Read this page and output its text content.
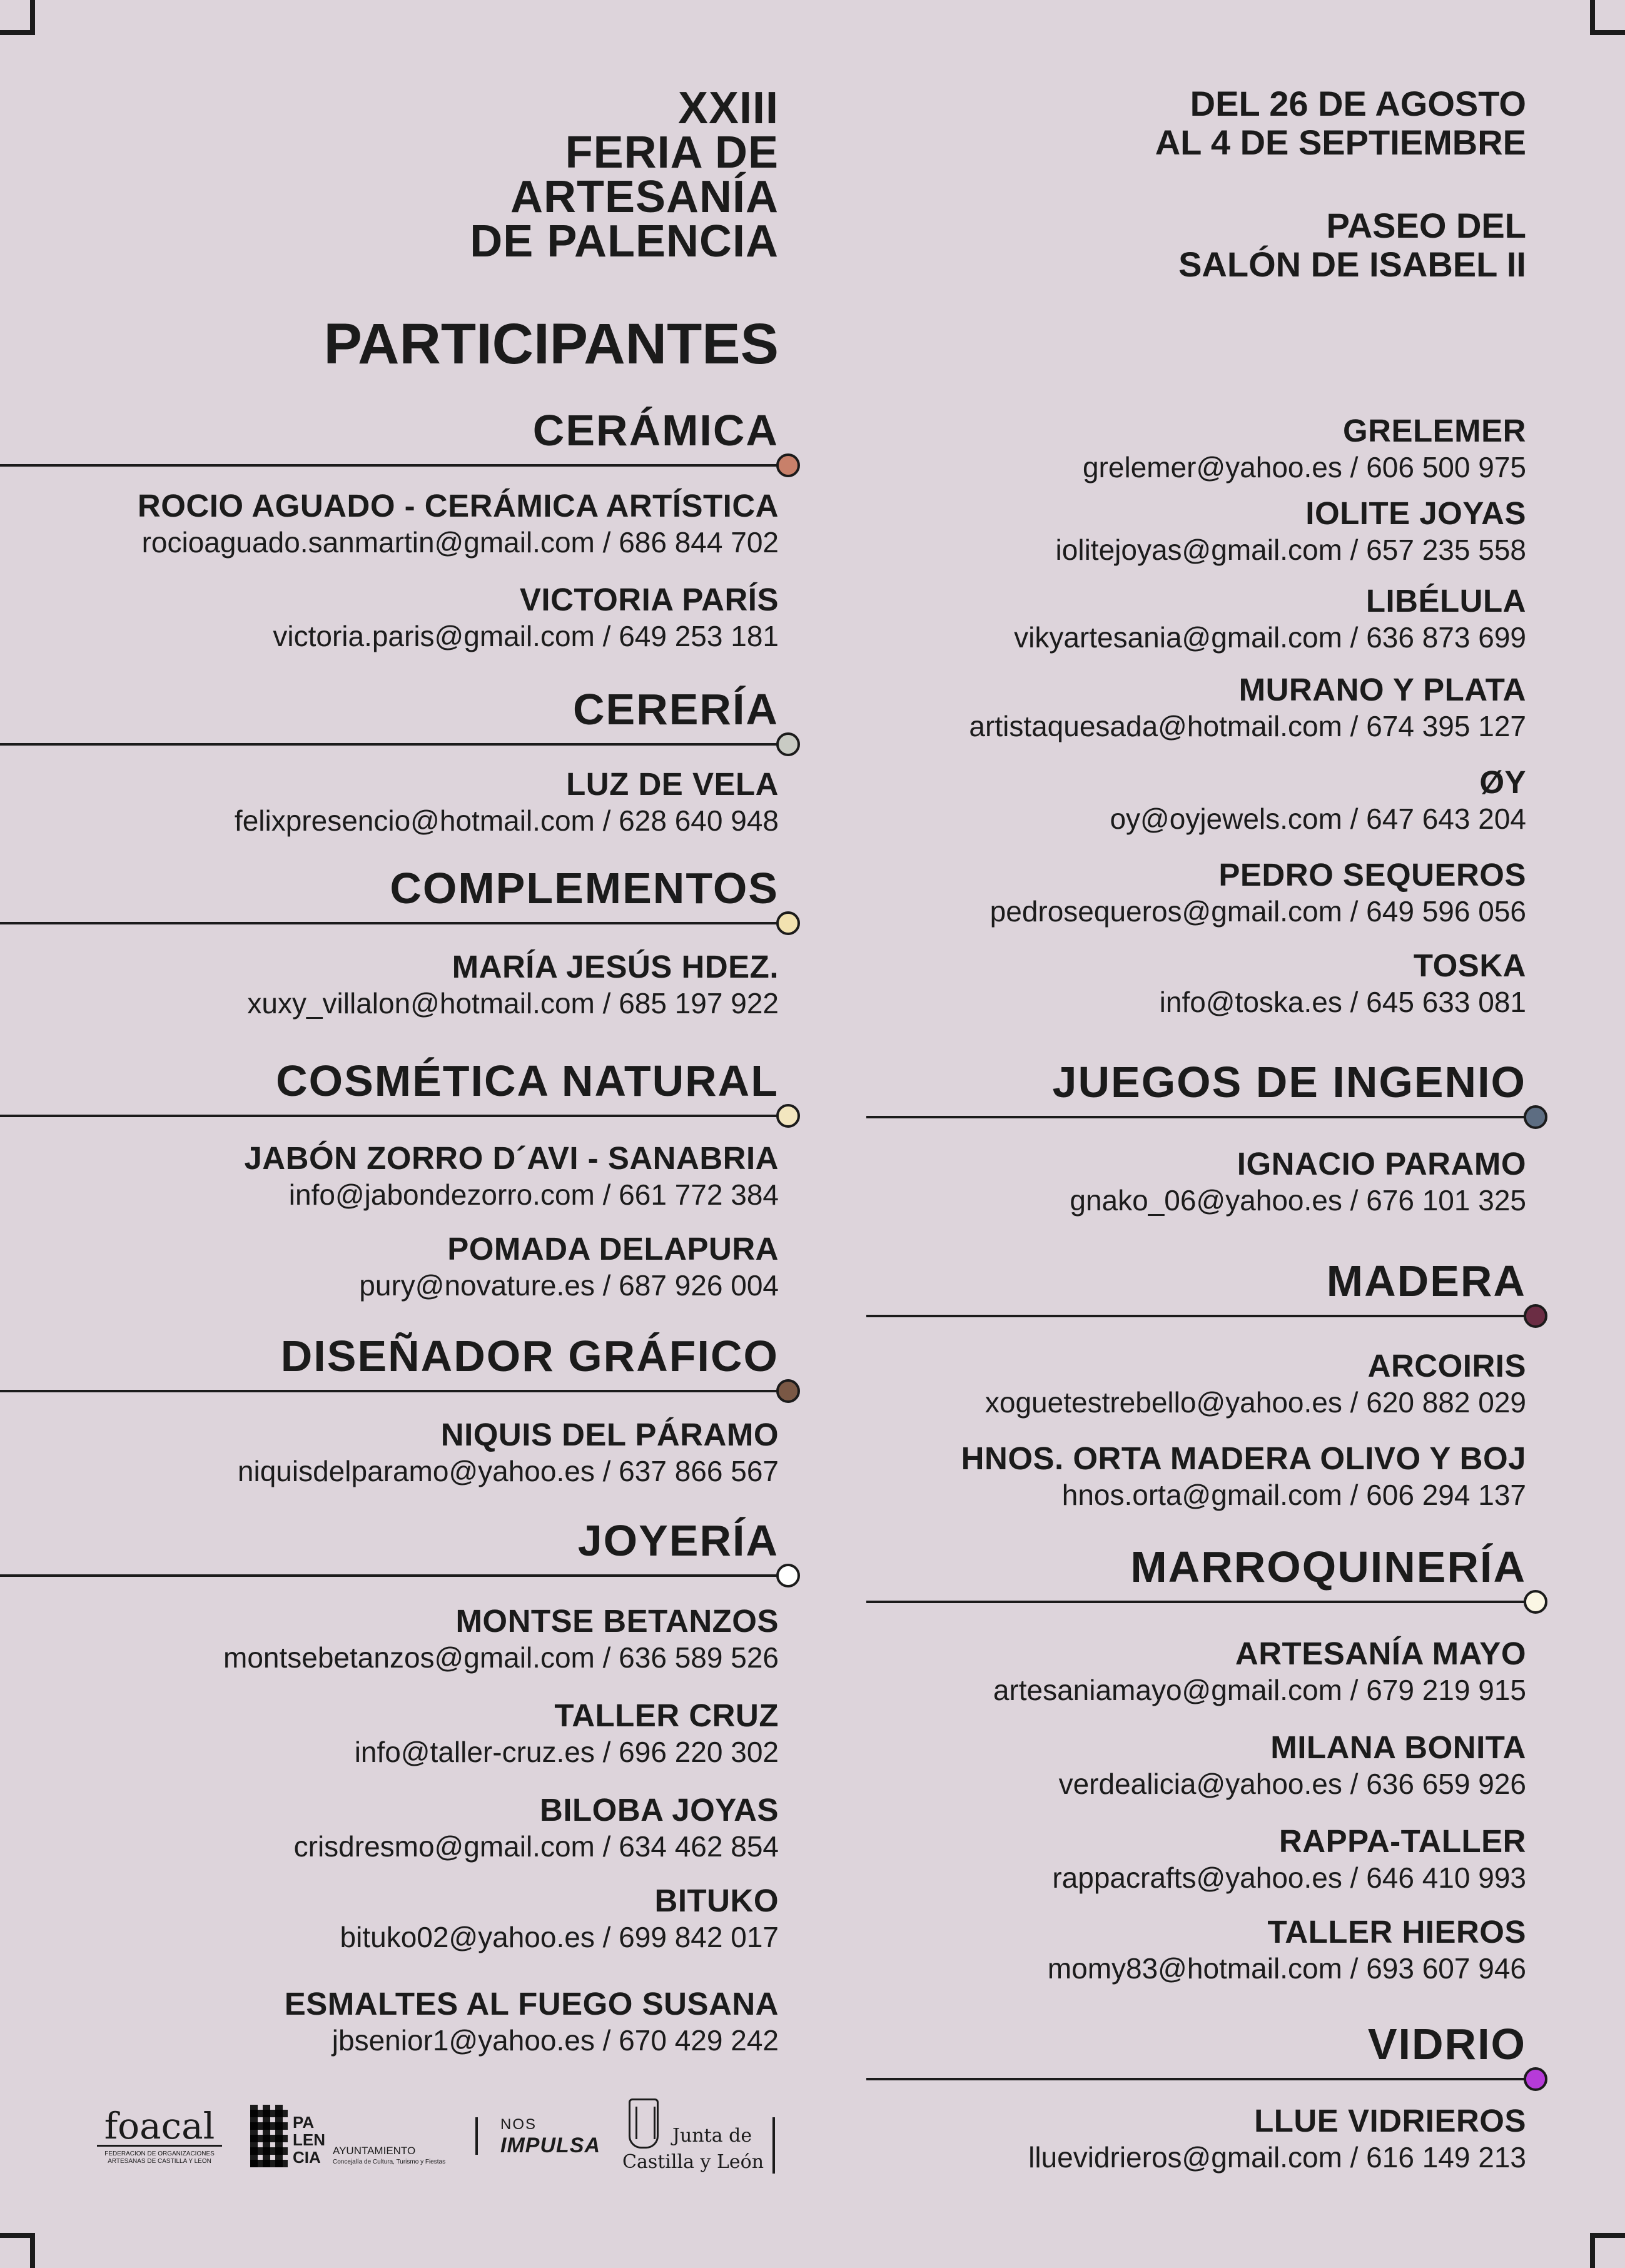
XXIII
FERIA DE
ARTESANÍA
DE PALENCIA
PARTICIPANTES
CERÁMICA
ROCIO AGUADO - CERÁMICA ARTÍSTICA
rocioaguado.sanmartin@gmail.com / 686 844 702
VICTORIA PARÍS
victoria.paris@gmail.com / 649 253 181
CERERÍA
LUZ DE VELA
felixpresencio@hotmail.com / 628 640 948
COMPLEMENTOS
MARÍA JESÚS HDEZ.
xuxy_villalon@hotmail.com / 685 197 922
COSMÉTICA NATURAL
JABÓN ZORRO D´AVI - SANABRIA
info@jabondezorro.com / 661 772 384
POMADA DELAPURA
pury@novature.es / 687 926 004
DISEÑADOR GRÁFICO
NIQUIS DEL PÁRAMO
niquisdelparamo@yahoo.es / 637 866 567
JOYERÍA
MONTSE BETANZOS
montsebetanzos@gmail.com / 636 589 526
TALLER CRUZ
info@taller-cruz.es / 696 220 302
BILOBA JOYAS
crisdresmo@gmail.com / 634 462 854
BITUKO
bituko02@yahoo.es / 699 842 017
ESMALTES AL FUEGO SUSANA
jbsenior1@yahoo.es / 670 429 242
DEL 26 DE AGOSTO
AL 4 DE SEPTIEMBRE
PASEO DEL
SALÓN DE ISABEL II
GRELEMER
grelemer@yahoo.es / 606 500 975
IOLITE JOYAS
iolitejoyas@gmail.com / 657 235 558
LIBÉLULA
vikyartesania@gmail.com / 636 873 699
MURANO Y PLATA
artistaquesada@hotmail.com / 674 395 127
ØY
oy@oyjewels.com / 647 643 204
PEDRO SEQUEROS
pedrosequeros@gmail.com / 649 596 056
TOSKA
info@toska.es / 645 633 081
JUEGOS DE INGENIO
IGNACIO PARAMO
gnako_06@yahoo.es / 676 101 325
MADERA
ARCOIRIS
xoguetestrebello@yahoo.es / 620 882 029
HNOS. ORTA MADERA OLIVO Y BOJ
hnos.orta@gmail.com / 606 294 137
MARROQUINERÍA
ARTESANÍA MAYO
artesaniamayo@gmail.com / 679 219 915
MILANA BONITA
verdealicia@yahoo.es / 636 659 926
RAPPA-TALLER
rappacrafts@yahoo.es / 646 410 993
TALLER HIEROS
momy83@hotmail.com / 693 607 946
VIDRIO
LLUE VIDRIEROS
lluevidrieros@gmail.com / 616 149 213
foacal
FEDERACION DE ORGANIZACIONES ARTESANAS DE CASTILLA Y LEON
PA
LEN
CIA	AYUNTAMIENTO
Concejalía de Cultura, Turismo y Fiestas
NOS
IMPULSA	Junta de
Castilla y León
